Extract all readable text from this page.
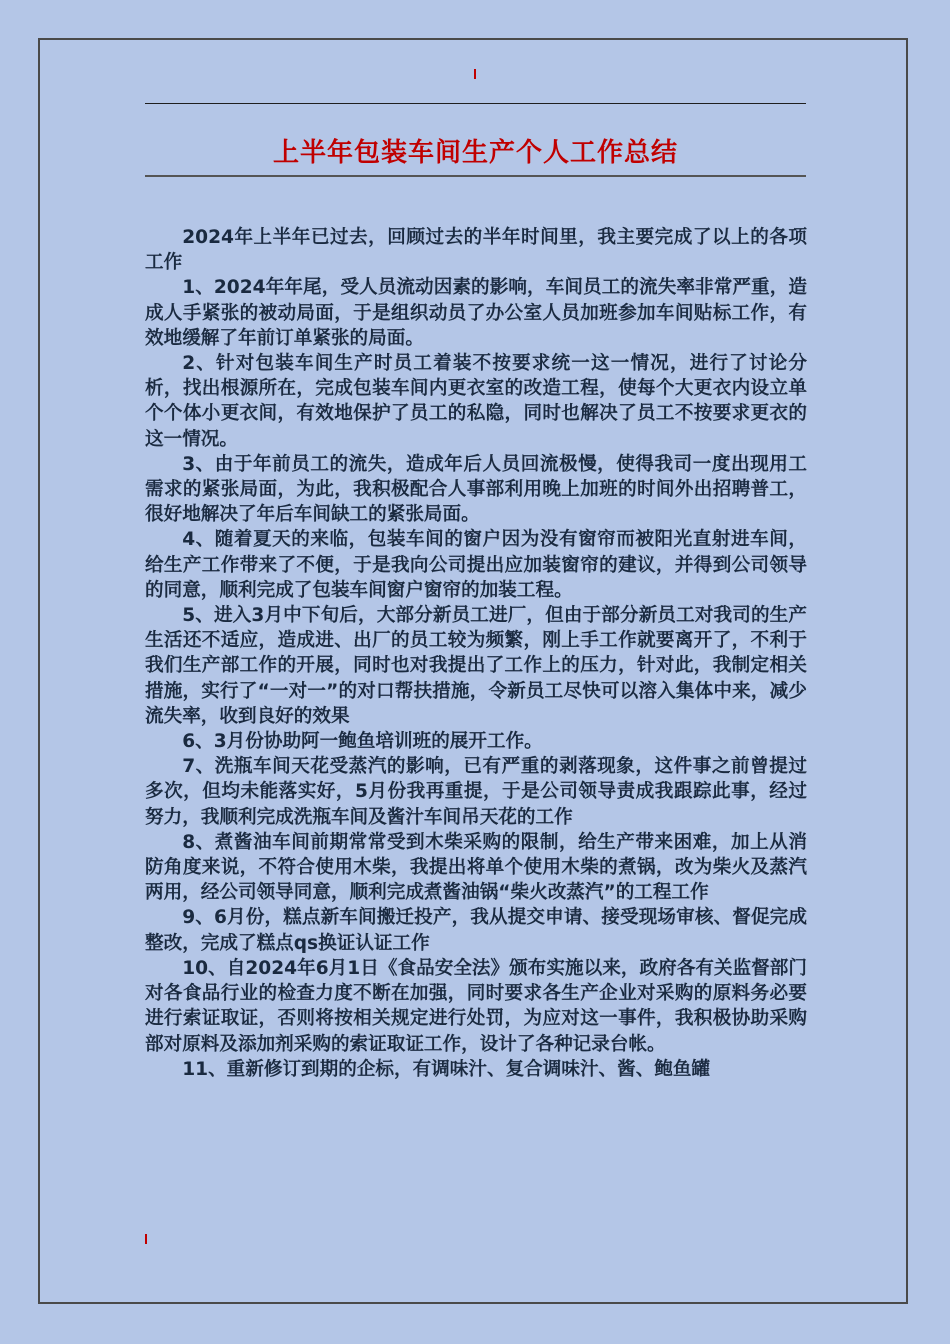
上半年包装车间生产个人工作总结

2024年上半年已过去，回顾过去的半年时间里，我主要完成了以上的各项工作

1、2024年年尾，受人员流动因素的影响，车间员工的流失率非常严重，造成人手紧张的被动局面，于是组织动员了办公室人员加班参加车间贴标工作，有效地缓解了年前订单紧张的局面。

2、针对包装车间生产时员工着装不按要求统一这一情况，进行了讨论分析，找出根源所在，完成包装车间内更衣室的改造工程，使每个大更衣内设立单个个体小更衣间，有效地保护了员工的私隐，同时也解决了员工不按要求更衣的这一情况。

3、由于年前员工的流失，造成年后人员回流极慢，使得我司一度出现用工需求的紧张局面，为此，我积极配合人事部利用晚上加班的时间外出招聘普工，很好地解决了年后车间缺工的紧张局面。

4、随着夏天的来临，包装车间的窗户因为没有窗帘而被阳光直射进车间，给生产工作带来了不便，于是我向公司提出应加装窗帘的建议，并得到公司领导的同意，顺利完成了包装车间窗户窗帘的加装工程。

5、进入3月中下旬后，大部分新员工进厂，但由于部分新员工对我司的生产生活还不适应，造成进、出厂的员工较为频繁，刚上手工作就要离开了，不利于我们生产部工作的开展，同时也对我提出了工作上的压力，针对此，我制定相关措施，实行了“一对一”的对口帮扶措施，令新员工尽快可以溶入集体中来，减少流失率，收到良好的效果

6、3月份协助阿一鲍鱼培训班的展开工作。

7、洗瓶车间天花受蒸汽的影响，已有严重的剥落现象，这件事之前曾提过多次，但均未能落实好，5月份我再重提，于是公司领导责成我跟踪此事，经过努力，我顺利完成洗瓶车间及酱汁车间吊天花的工作

8、煮酱油车间前期常常受到木柴采购的限制，给生产带来困难，加上从消防角度来说，不符合使用木柴，我提出将单个使用木柴的煮锅，改为柴火及蒸汽两用，经公司领导同意，顺利完成煮酱油锅“柴火改蒸汽”的工程工作

9、6月份，糕点新车间搬迁投产，我从提交申请、接受现场审核、督促完成整改，完成了糕点qs换证认证工作

10、自2024年6月1日《食品安全法》颁布实施以来，政府各有关监督部门对各食品行业的检查力度不断在加强，同时要求各生产企业对采购的原料务必要进行索证取证，否则将按相关规定进行处罚，为应对这一事件，我积极协助采购部对原料及添加剂采购的索证取证工作，设计了各种记录台帐。

11、重新修订到期的企标，有调味汁、复合调味汁、酱、鲍鱼罐
